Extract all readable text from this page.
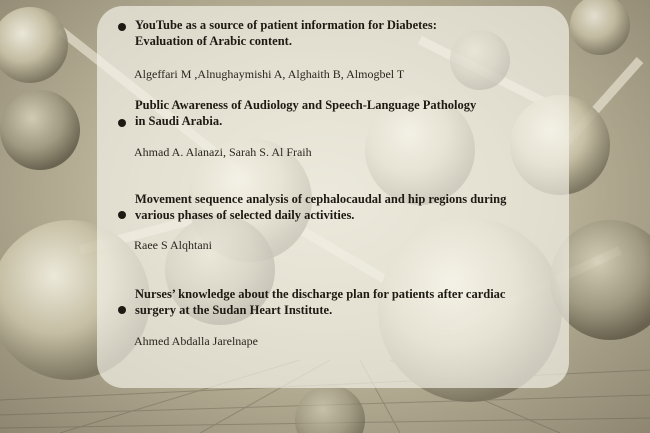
YouTube as a source of patient information for Diabetes:
Evaluation of Arabic content.
Algeffari M ,Alnughaymishi A, Alghaith B, Almogbel T
Public Awareness of Audiology and Speech-Language Pathology
in Saudi Arabia.
Ahmad A. Alanazi, Sarah S. Al Fraih
Movement sequence analysis of cephalocaudal and hip regions during
various phases of selected daily activities.
Raee S Alqhtani
Nurses’ knowledge about the discharge plan for patients after cardiac
surgery at the Sudan Heart Institute.
Ahmed Abdalla Jarelnape
